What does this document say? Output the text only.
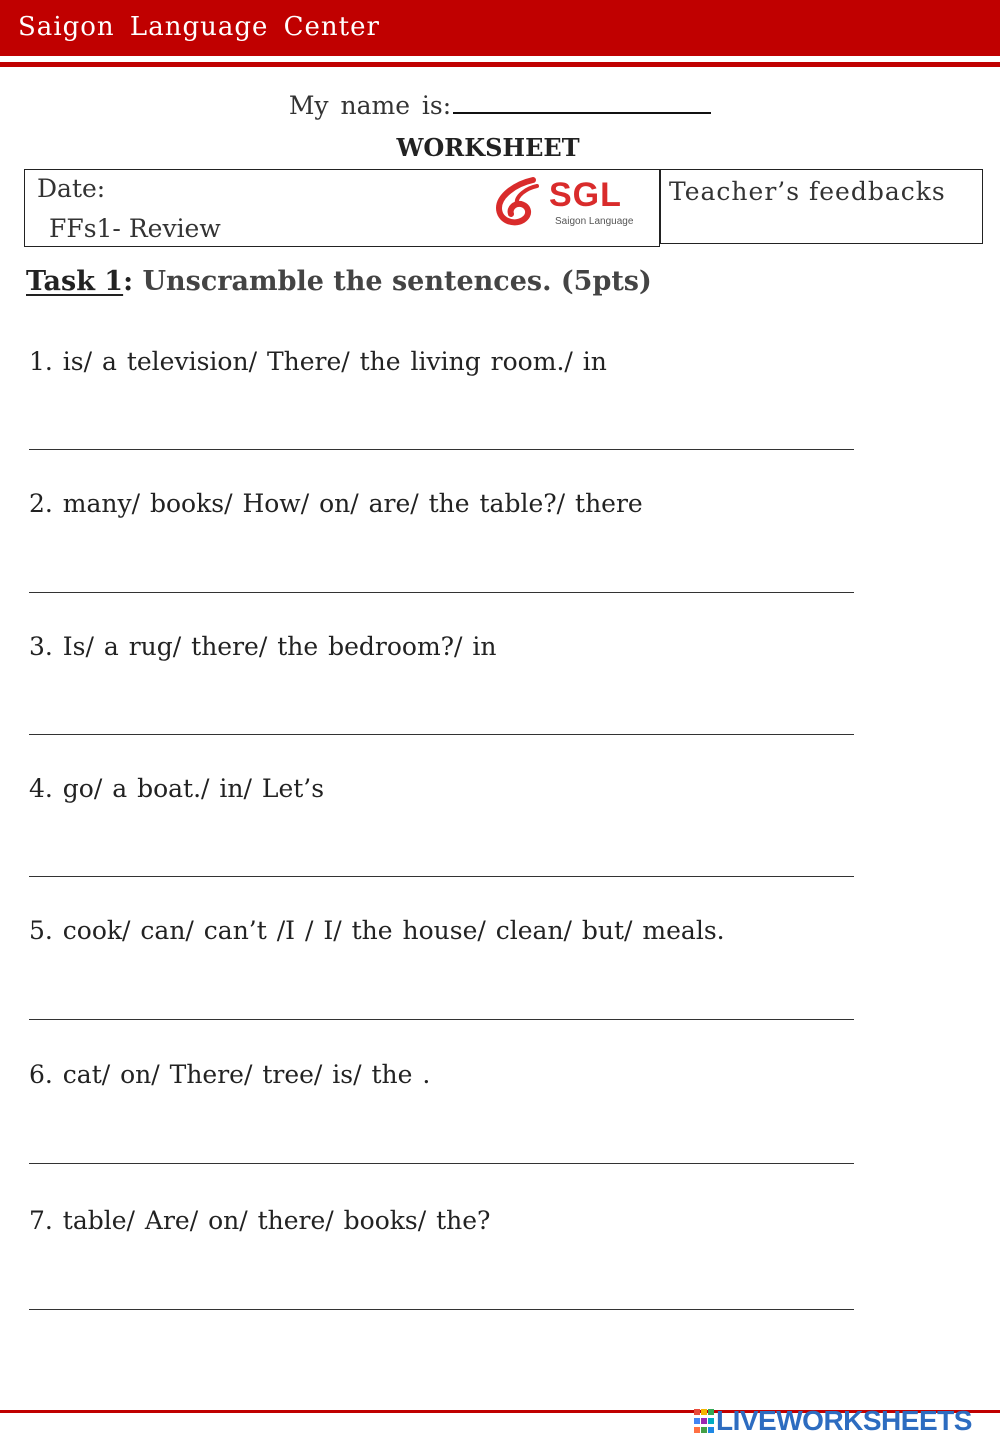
Saigon Language Center
My name is:
WORKSHEET
Date:
FFs1- Review
SGL
Saigon Language
Teacher’s feedbacks
Task 1: Unscramble the sentences. (5pts)
1. is/ a television/ There/ the living room./ in
2. many/ books/ How/ on/ are/ the table?/ there
3. Is/ a rug/ there/ the bedroom?/ in
4. go/ a boat./ in/ Let’s
5. cook/ can/ can’t /I / I/ the house/ clean/ but/ meals.
6. cat/ on/ There/ tree/ is/ the .
7. table/ Are/ on/ there/ books/ the?
LIVEWORKSHEETS
